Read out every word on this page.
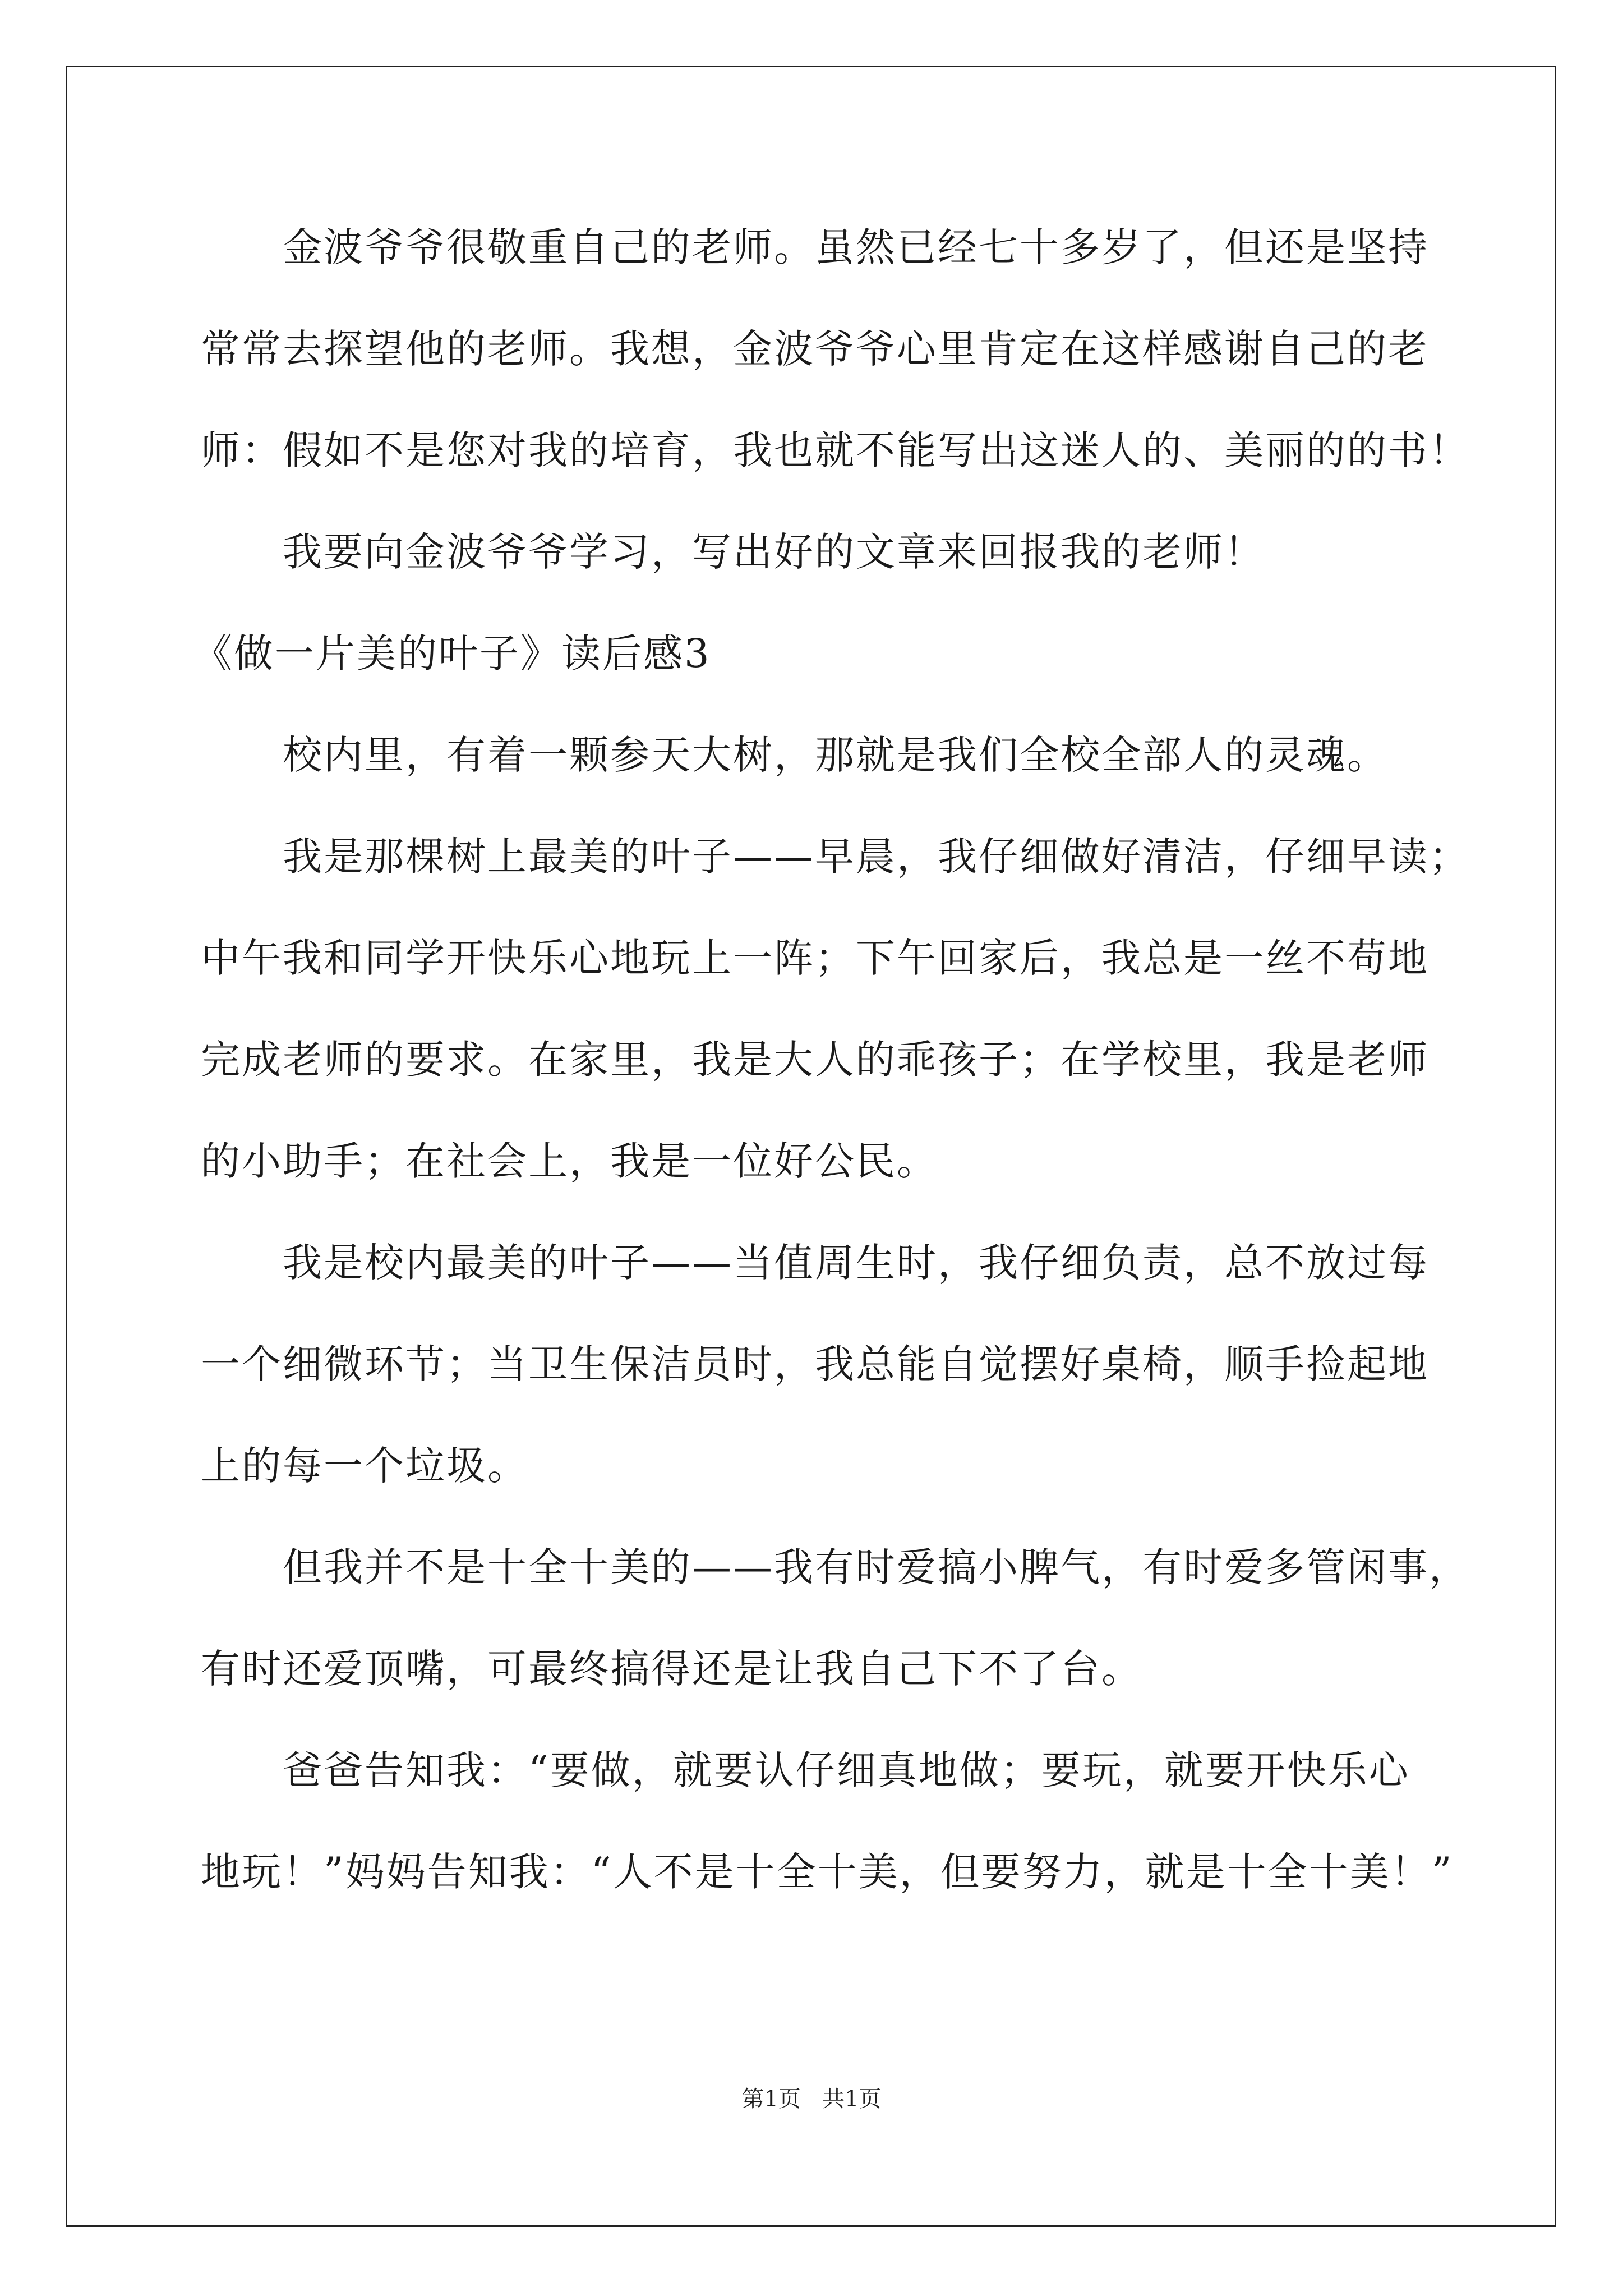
金波爷爷很敬重自己的老师。虽然已经七十多岁了，但还是坚持
常常去探望他的老师。我想，金波爷爷心里肯定在这样感谢自己的老
师：假如不是您对我的培育，我也就不能写出这迷人的、美丽的的书！
我要向金波爷爷学习，写出好的文章来回报我的老师！
《做一片美的叶子》读后感3
校内里，有着一颗参天大树，那就是我们全校全部人的灵魂。
我是那棵树上最美的叶子——早晨，我仔细做好清洁，仔细早读；
中午我和同学开快乐心地玩上一阵；下午回家后，我总是一丝不苟地
完成老师的要求。在家里，我是大人的乖孩子；在学校里，我是老师
的小助手；在社会上，我是一位好公民。
我是校内最美的叶子——当值周生时，我仔细负责，总不放过每
一个细微环节；当卫生保洁员时，我总能自觉摆好桌椅，顺手捡起地
上的每一个垃圾。
但我并不是十全十美的——我有时爱搞小脾气，有时爱多管闲事，
有时还爱顶嘴，可最终搞得还是让我自己下不了台。
爸爸告知我：“要做，就要认仔细真地做；要玩，就要开快乐心
地玩！”妈妈告知我：“人不是十全十美，但要努力，就是十全十美！”
第1页   共1页
